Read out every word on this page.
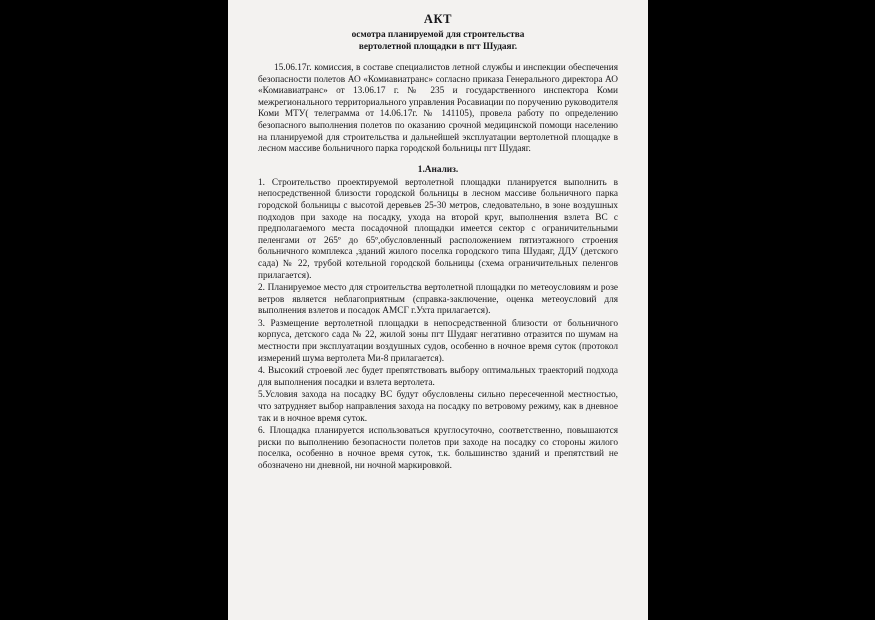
АКТ
осмотра планируемой для строительства
вертолетной площадки в пгт Шудаяг.

15.06.17г. комиссия, в составе специалистов летной службы и инспекции обеспечения безопасности полетов АО «Комиавиатранс» согласно приказа Генерального директора АО «Комиавиатранс» от 13.06.17 г. № 235 и государственного инспектора Коми межрегионального территориального управления Росавиации по поручению руководителя Коми МТУ( телеграмма от 14.06.17г. № 141105), провела работу по определению безопасного выполнения полетов по оказанию срочной медицинской помощи населению на планируемой для строительства и дальнейшей эксплуатации вертолетной площадке в лесном массиве больничного парка городской больницы пгт Шудаяг.

1.Анализ.

1. Строительство проектируемой вертолетной площадки планируется выполнить в непосредственной близости городской больницы в лесном массиве больничного парка городской больницы с высотой деревьев 25-30 метров, следовательно, в зоне воздушных подходов при заходе на посадку, ухода на второй круг, выполнения взлета ВС с предполагаемого места посадочной площадки имеется сектор с ограничительными пеленгами от 265º до 65º,обусловленный расположением пятиэтажного строения больничного комплекса ,зданий жилого поселка городского типа Шудаяг, ДДУ (детского сада) № 22, трубой котельной городской больницы (схема ограничительных пеленгов прилагается).

2. Планируемое место для строительства вертолетной площадки по метеоусловиям и розе ветров является неблагоприятным (справка-заключение, оценка метеоусловий для выполнения взлетов и посадок АМСГ г.Ухта прилагается).

3. Размещение вертолетной площадки в непосредственной близости от больничного корпуса, детского сада № 22, жилой зоны пгт Шудаяг негативно отразится по шумам на местности при эксплуатации воздушных судов, особенно в ночное время суток (протокол измерений шума вертолета Ми-8 прилагается).

4. Высокий строевой лес будет препятствовать выбору оптимальных траекторий подхода для выполнения посадки и взлета вертолета.

5.Условия захода на посадку ВС будут обусловлены сильно пересеченной местностью, что затрудняет выбор направления захода на посадку по ветровому режиму, как в дневное так и в ночное время суток.

6. Площадка планируется использоваться круглосуточно, соответственно, повышаются риски по выполнению безопасности полетов при заходе на посадку со стороны жилого поселка, особенно в ночное время суток, т.к. большинство зданий и препятствий не обозначено ни дневной, ни ночной маркировкой.
